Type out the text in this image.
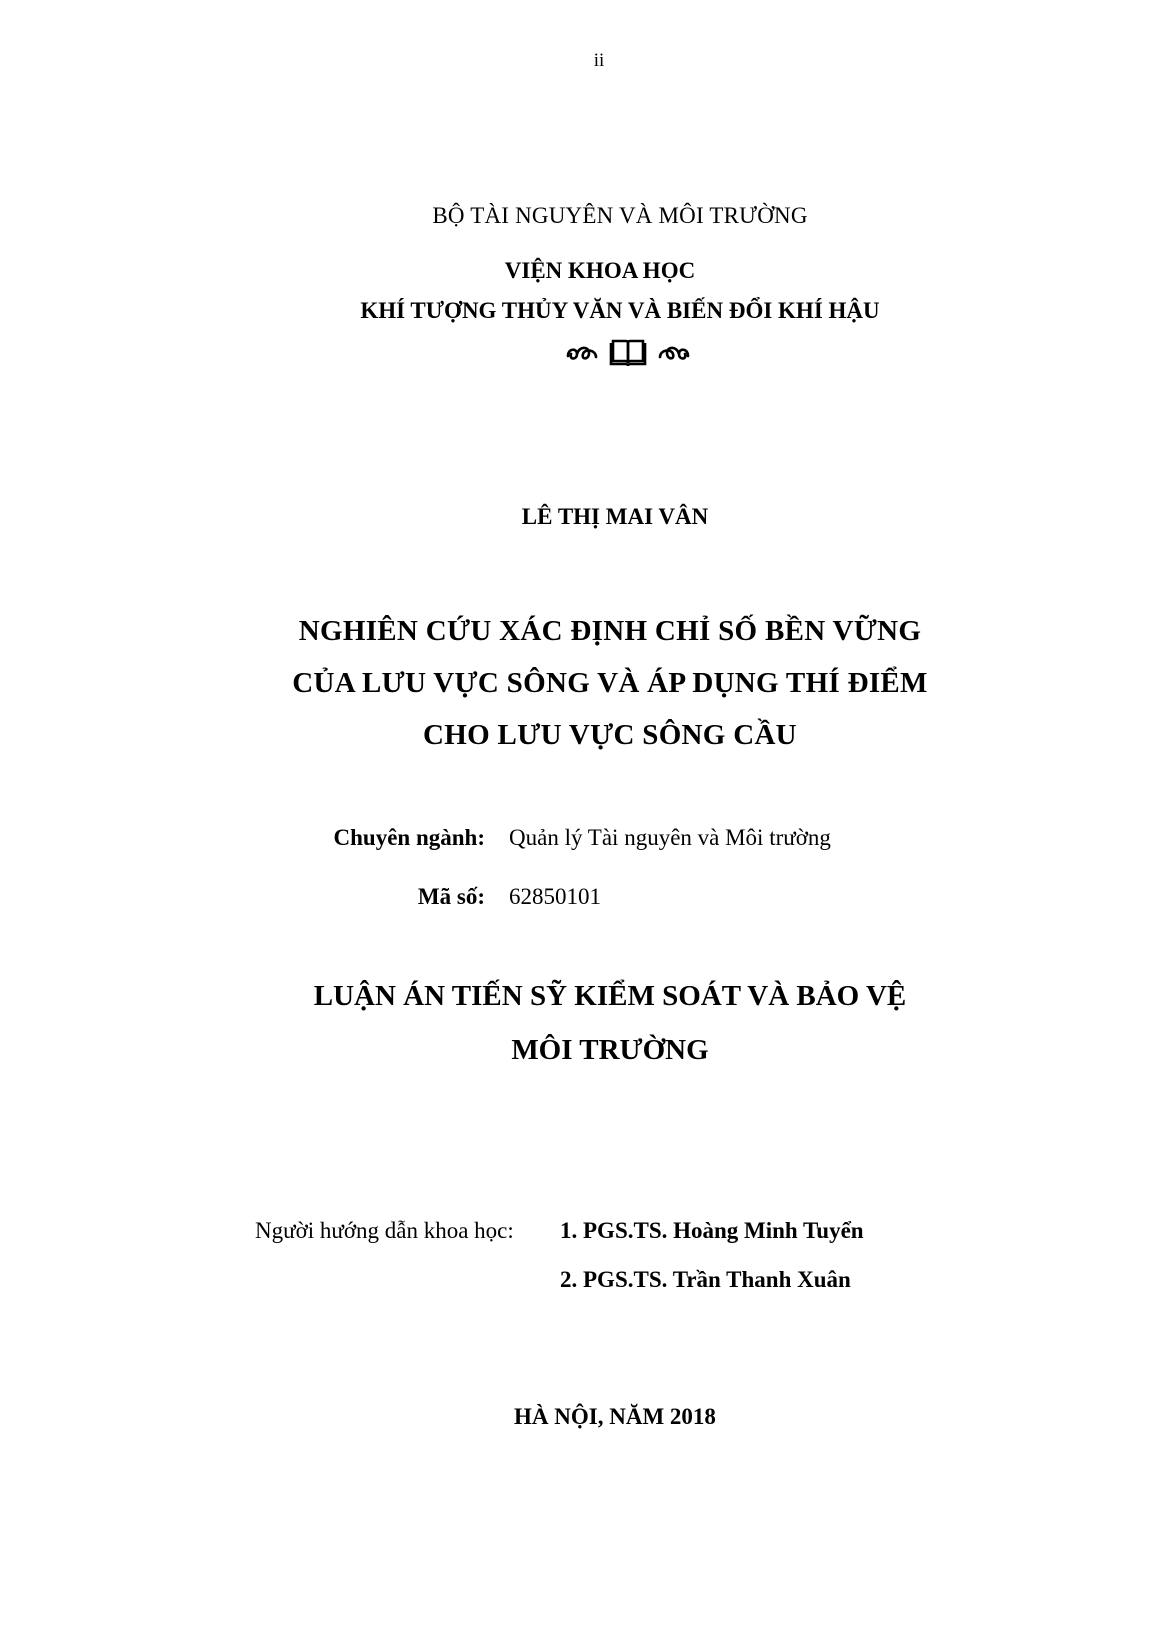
ii
BỘ TÀI NGUYÊN VÀ MÔI TRƯỜNG
VIỆN KHOA HỌC
KHÍ TƯỢNG THỦY VĂN VÀ BIẾN ĐỔI KHÍ HẬU
LÊ THỊ MAI VÂN
NGHIÊN CỨU XÁC ĐỊNH CHỈ SỐ BỀN VỮNG
CỦA LƯU VỰC SÔNG VÀ ÁP DỤNG THÍ ĐIỂM
CHO LƯU VỰC SÔNG CẦU
Chuyên ngành: Quản lý Tài nguyên và Môi trường
Mã số: 62850101
LUẬN ÁN TIẾN SỸ KIỂM SOÁT VÀ BẢO VỆ
MÔI TRƯỜNG
Người hướng dẫn khoa học: 1. PGS.TS. Hoàng Minh Tuyển
2. PGS.TS. Trần Thanh Xuân
HÀ NỘI, NĂM 2018
